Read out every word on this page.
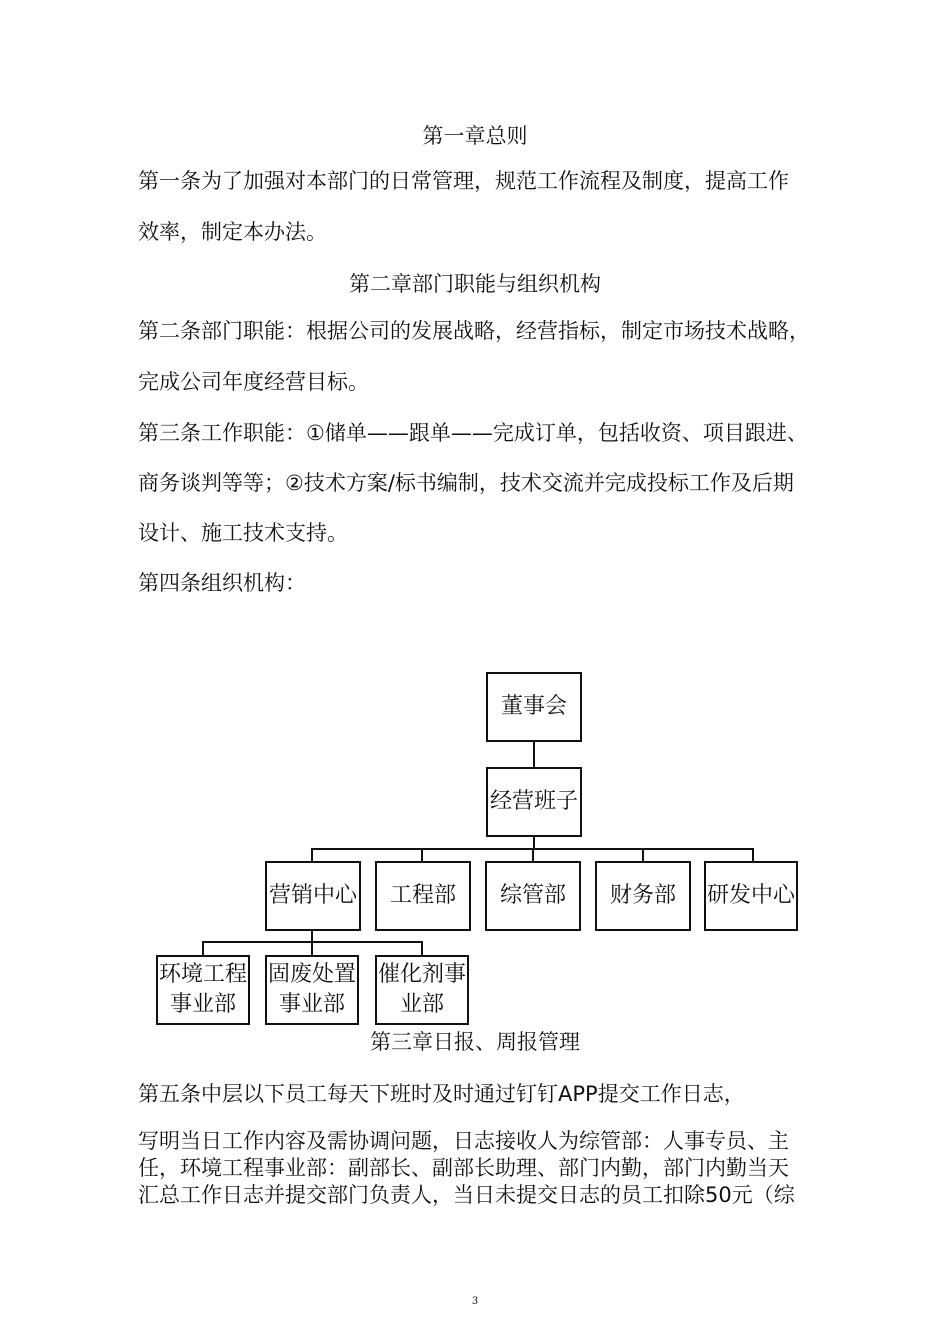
第一章总则
第一条为了加强对本部门的日常管理，规范工作流程及制度，提高工作
效率，制定本办法。
第二章部门职能与组织机构
第二条部门职能：根据公司的发展战略，经营指标，制定市场技术战略，
完成公司年度经营目标。
第三条工作职能：①储单——跟单——完成订单，包括收资、项目跟进、
商务谈判等等；②技术方案/标书编制，技术交流并完成投标工作及后期
设计、施工技术支持。
第四条组织机构：
董事会
经营班子
营销中心 工程部 综管部 财务部 研发中心
环境工程
事业部
固废处置
事业部
催化剂事
业部
第三章日报、周报管理
第五条中层以下员工每天下班时及时通过钉钉APP提交工作日志，
写明当日工作内容及需协调问题，日志接收人为综管部：人事专员、主
任，环境工程事业部：副部长、副部长助理、部门内勤，部门内勤当天
汇总工作日志并提交部门负责人，当日未提交日志的员工扣除50元（综
3
